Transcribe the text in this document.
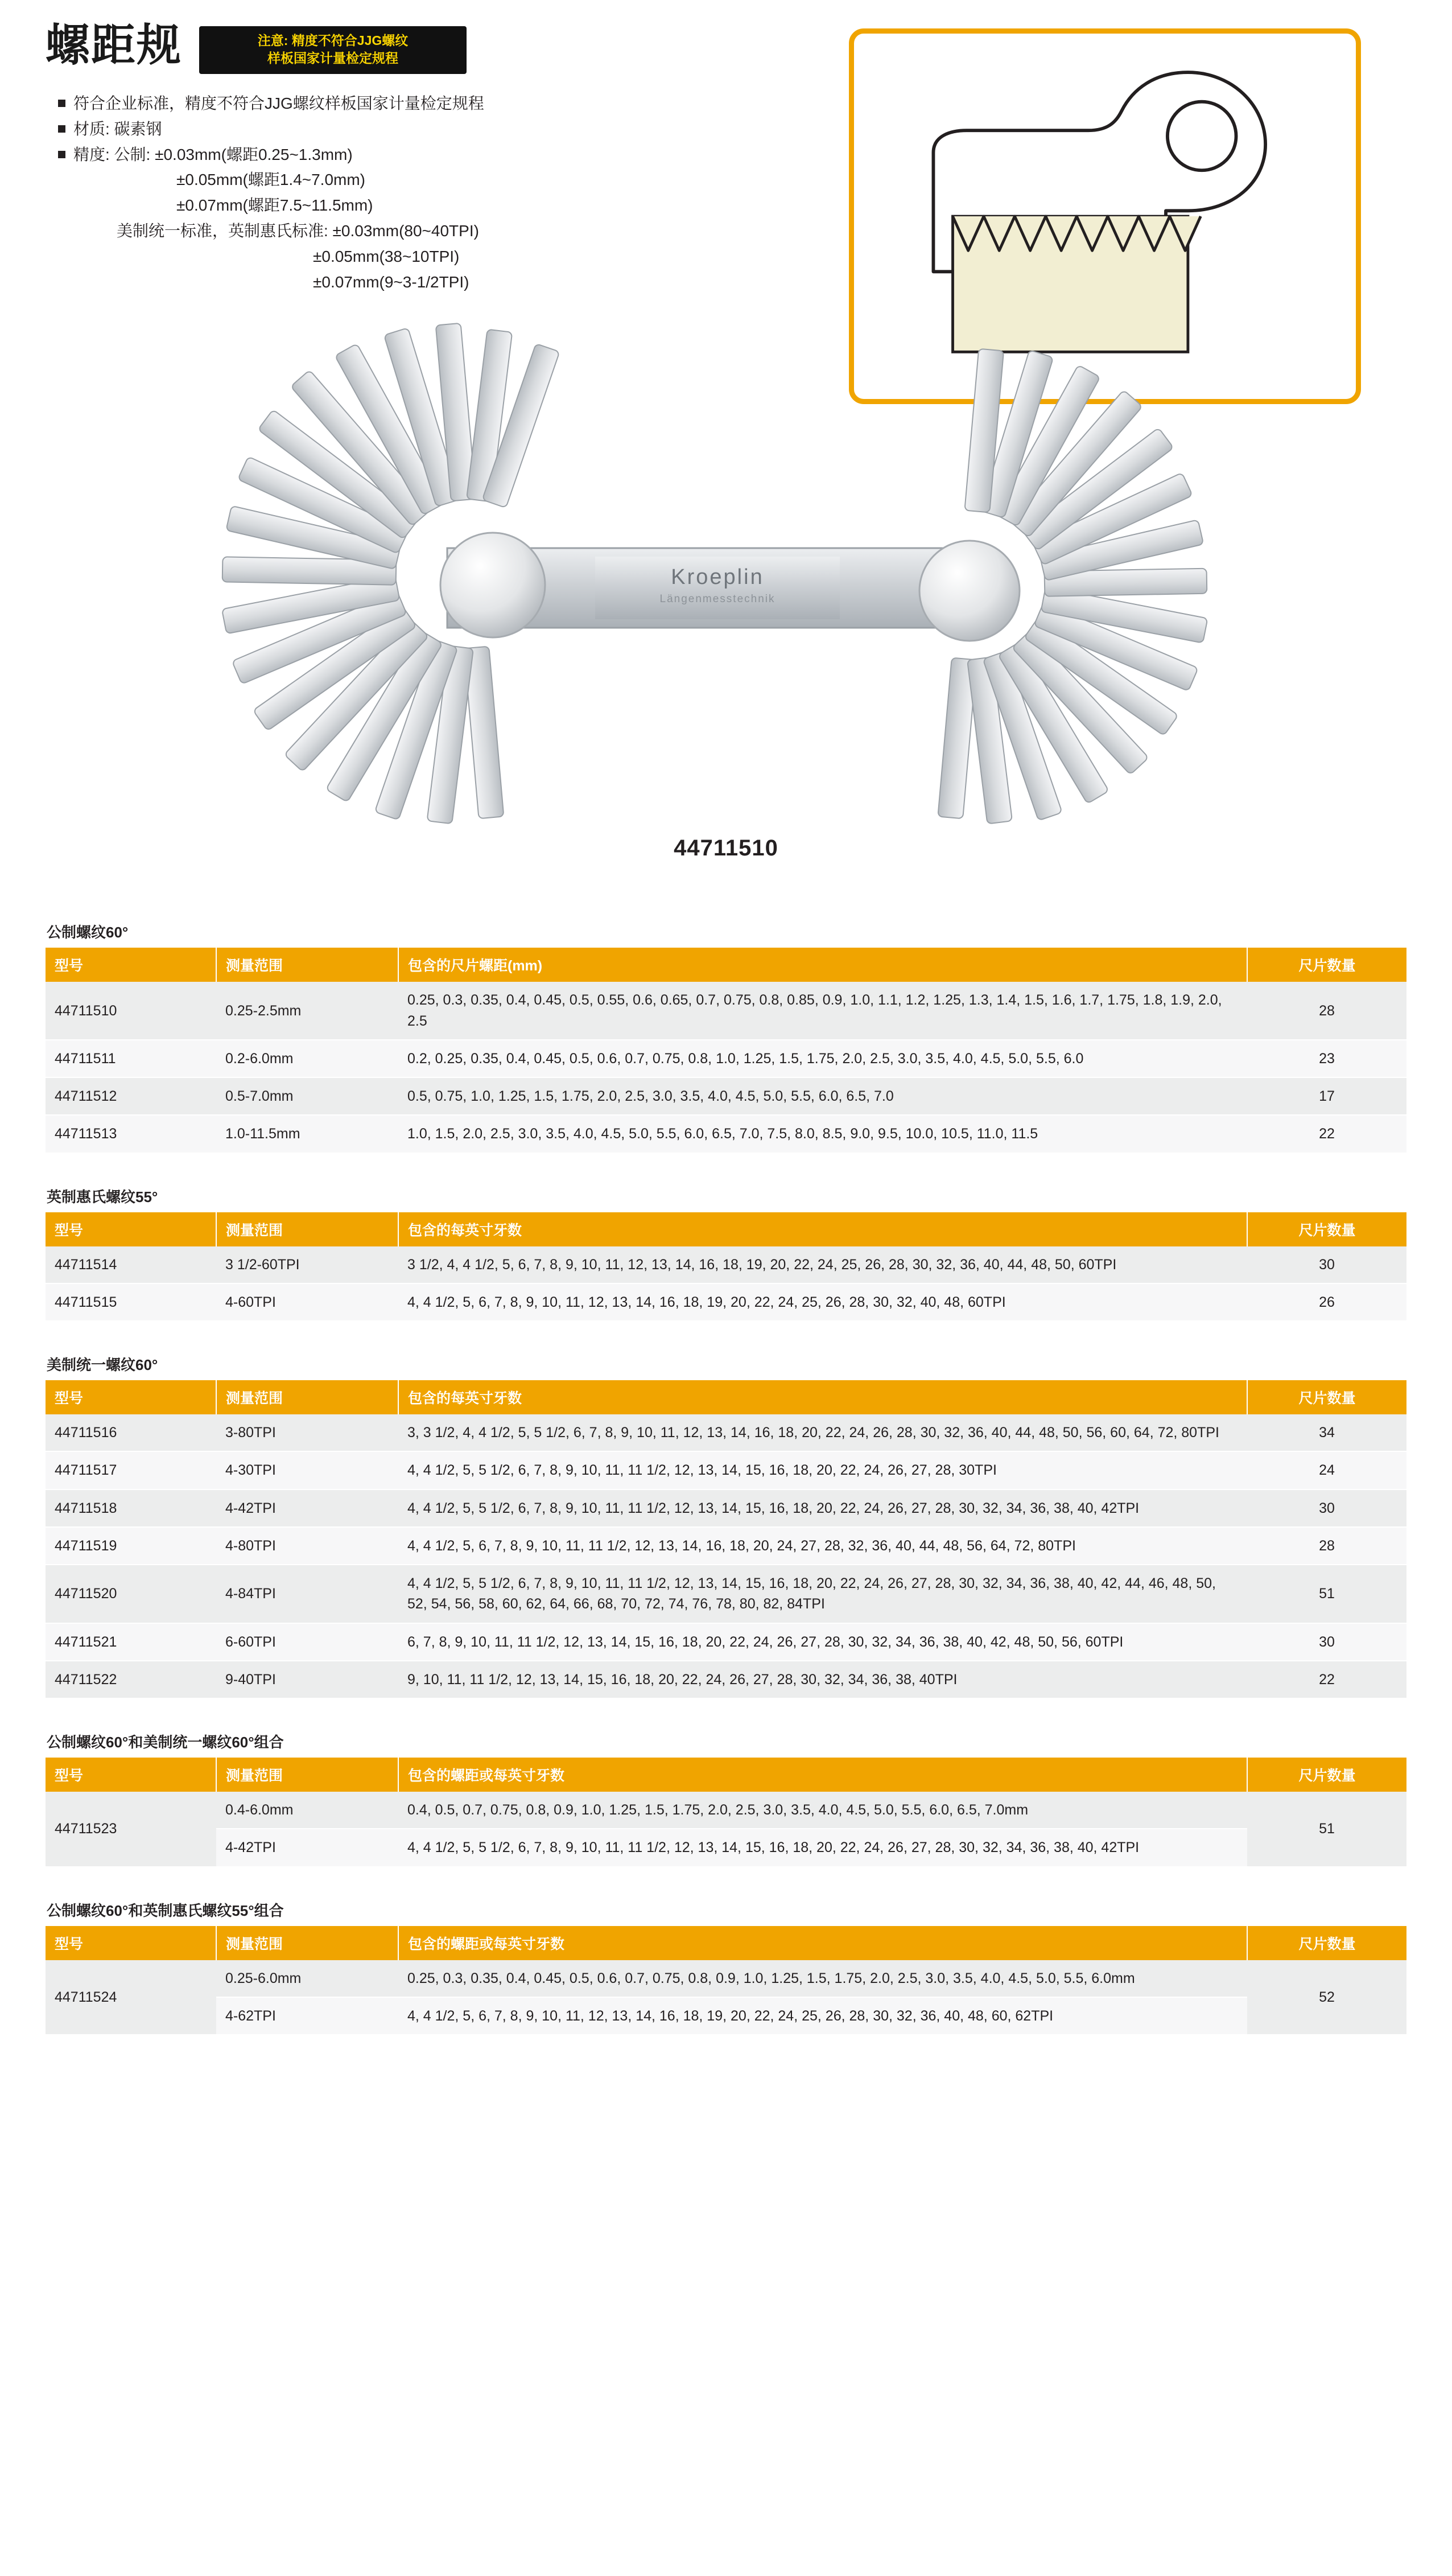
螺距规	注意: 精度不符合JJG螺纹
样板国家计量检定规程
符合企业标准，精度不符合JJG螺纹样板国家计量检定规程
材质: 碳素钢
精度: 公制: ±0.03mm(螺距0.25~1.3mm)
±0.05mm(螺距1.4~7.0mm)
±0.07mm(螺距7.5~11.5mm)
美制统一标准，英制惠氏标准: ±0.03mm(80~40TPI)
±0.05mm(38~10TPI)
±0.07mm(9~3-1/2TPI)
Kroeplin
Längenmesstechnik
44711510
公制螺纹60°
型号	测量范围	包含的尺片螺距(mm)	尺片数量
44711510	0.25-2.5mm	0.25, 0.3, 0.35, 0.4, 0.45, 0.5, 0.55, 0.6, 0.65, 0.7, 0.75, 0.8, 0.85, 0.9, 1.0, 1.1, 1.2, 1.25, 1.3, 1.4, 1.5, 1.6, 1.7, 1.75, 1.8, 1.9, 2.0, 2.5	28
44711511	0.2-6.0mm	0.2, 0.25, 0.35, 0.4, 0.45, 0.5, 0.6, 0.7, 0.75, 0.8, 1.0, 1.25, 1.5, 1.75, 2.0, 2.5, 3.0, 3.5, 4.0, 4.5, 5.0, 5.5, 6.0	23
44711512	0.5-7.0mm	0.5, 0.75, 1.0, 1.25, 1.5, 1.75, 2.0, 2.5, 3.0, 3.5, 4.0, 4.5, 5.0, 5.5, 6.0, 6.5, 7.0	17
44711513	1.0-11.5mm	1.0, 1.5, 2.0, 2.5, 3.0, 3.5, 4.0, 4.5, 5.0, 5.5, 6.0, 6.5, 7.0, 7.5, 8.0, 8.5, 9.0, 9.5, 10.0, 10.5, 11.0, 11.5	22
英制惠氏螺纹55°
型号	测量范围	包含的每英寸牙数	尺片数量
44711514	3 1/2-60TPI	3 1/2, 4, 4 1/2, 5, 6, 7, 8, 9, 10, 11, 12, 13, 14, 16, 18, 19, 20, 22, 24, 25, 26, 28, 30, 32, 36, 40, 44, 48, 50, 60TPI	30
44711515	4-60TPI	4, 4 1/2, 5, 6, 7, 8, 9, 10, 11, 12, 13, 14, 16, 18, 19, 20, 22, 24, 25, 26, 28, 30, 32, 40, 48, 60TPI	26
美制统一螺纹60°
型号	测量范围	包含的每英寸牙数	尺片数量
44711516	3-80TPI	3, 3 1/2, 4, 4 1/2, 5, 5 1/2, 6, 7, 8, 9, 10, 11, 12, 13, 14, 16, 18, 20, 22, 24, 26, 28, 30, 32, 36, 40, 44, 48, 50, 56, 60, 64, 72, 80TPI	34
44711517	4-30TPI	4, 4 1/2, 5, 5 1/2, 6, 7, 8, 9, 10, 11, 11 1/2, 12, 13, 14, 15, 16, 18, 20, 22, 24, 26, 27, 28, 30TPI	24
44711518	4-42TPI	4, 4 1/2, 5, 5 1/2, 6, 7, 8, 9, 10, 11, 11 1/2, 12, 13, 14, 15, 16, 18, 20, 22, 24, 26, 27, 28, 30, 32, 34, 36, 38, 40, 42TPI	30
44711519	4-80TPI	4, 4 1/2, 5, 6, 7, 8, 9, 10, 11, 11 1/2, 12, 13, 14, 16, 18, 20, 24, 27, 28, 32, 36, 40, 44, 48, 56, 64, 72, 80TPI	28
44711520	4-84TPI	4, 4 1/2, 5, 5 1/2, 6, 7, 8, 9, 10, 11, 11 1/2, 12, 13, 14, 15, 16, 18, 20, 22, 24, 26, 27, 28, 30, 32, 34, 36, 38, 40, 42, 44, 46, 48, 50, 52, 54, 56, 58, 60, 62, 64, 66, 68, 70, 72, 74, 76, 78, 80, 82, 84TPI	51
44711521	6-60TPI	6, 7, 8, 9, 10, 11, 11 1/2, 12, 13, 14, 15, 16, 18, 20, 22, 24, 26, 27, 28, 30, 32, 34, 36, 38, 40, 42, 48, 50, 56, 60TPI	30
44711522	9-40TPI	9, 10, 11, 11 1/2, 12, 13, 14, 15, 16, 18, 20, 22, 24, 26, 27, 28, 30, 32, 34, 36, 38, 40TPI	22
公制螺纹60°和美制统一螺纹60°组合
型号	测量范围	包含的螺距或每英寸牙数	尺片数量
44711523	0.4-6.0mm	0.4, 0.5, 0.7, 0.75, 0.8, 0.9, 1.0, 1.25, 1.5, 1.75, 2.0, 2.5, 3.0, 3.5, 4.0, 4.5, 5.0, 5.5, 6.0, 6.5, 7.0mm	51
	4-42TPI	4, 4 1/2, 5, 5 1/2, 6, 7, 8, 9, 10, 11, 11 1/2, 12, 13, 14, 15, 16, 18, 20, 22, 24, 26, 27, 28, 30, 32, 34, 36, 38, 40, 42TPI	
公制螺纹60°和英制惠氏螺纹55°组合
型号	测量范围	包含的螺距或每英寸牙数	尺片数量
44711524	0.25-6.0mm	0.25, 0.3, 0.35, 0.4, 0.45, 0.5, 0.6, 0.7, 0.75, 0.8, 0.9, 1.0, 1.25, 1.5, 1.75, 2.0, 2.5, 3.0, 3.5, 4.0, 4.5, 5.0, 5.5, 6.0mm	52
	4-62TPI	4, 4 1/2, 5, 6, 7, 8, 9, 10, 11, 12, 13, 14, 16, 18, 19, 20, 22, 24, 25, 26, 28, 30, 32, 36, 40, 48, 60, 62TPI	
